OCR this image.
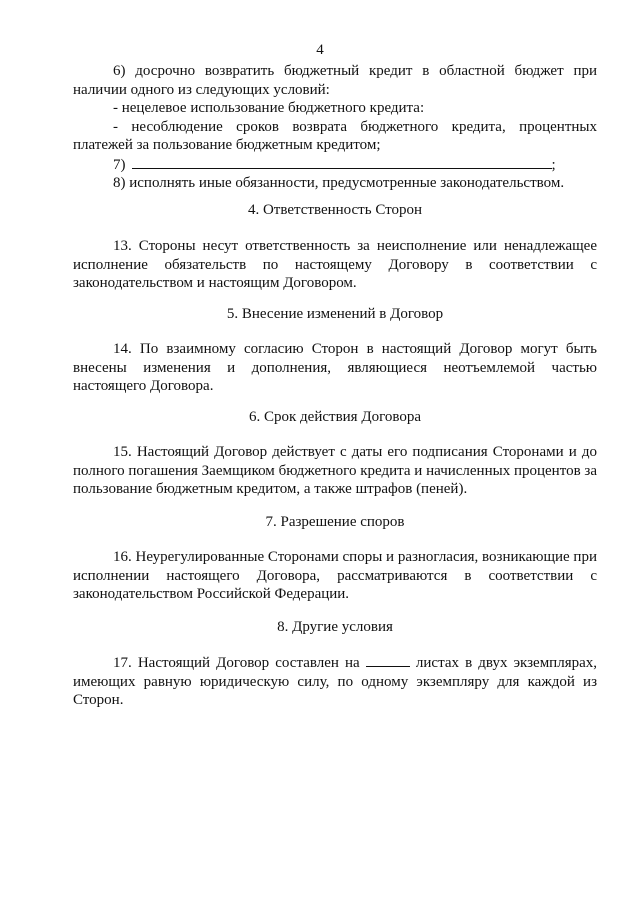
4

6) досрочно возвратить бюджетный кредит в областной бюджет при наличии одного из следующих условий:

- нецелевое использование бюджетного кредита:

- несоблюдение сроков возврата бюджетного кредита, процентных платежей за пользование бюджетным кредитом;

7)	;

8) исполнять иные обязанности, предусмотренные законодательством.

4. Ответственность Сторон

13. Стороны несут ответственность за неисполнение или ненадлежащее исполнение обязательств по настоящему Договору в соответствии с законодательством и настоящим Договором.

5. Внесение изменений в Договор

14. По взаимному согласию Сторон в настоящий Договор могут быть внесены изменения и дополнения, являющиеся неотъемлемой частью настоящего Договора.

6. Срок действия Договора

15. Настоящий Договор действует с даты его подписания Сторонами и до полного погашения Заемщиком бюджетного кредита и начисленных процентов за пользование бюджетным кредитом, а также штрафов (пеней).

7. Разрешение споров

16. Неурегулированные Сторонами споры и разногласия, возникающие при исполнении настоящего Договора, рассматриваются в соответствии с законодательством Российской Федерации.

8. Другие условия

17. Настоящий Договор составлен на	листах в двух экземплярах, имеющих равную юридическую силу, по одному экземпляру для каждой из Сторон.
